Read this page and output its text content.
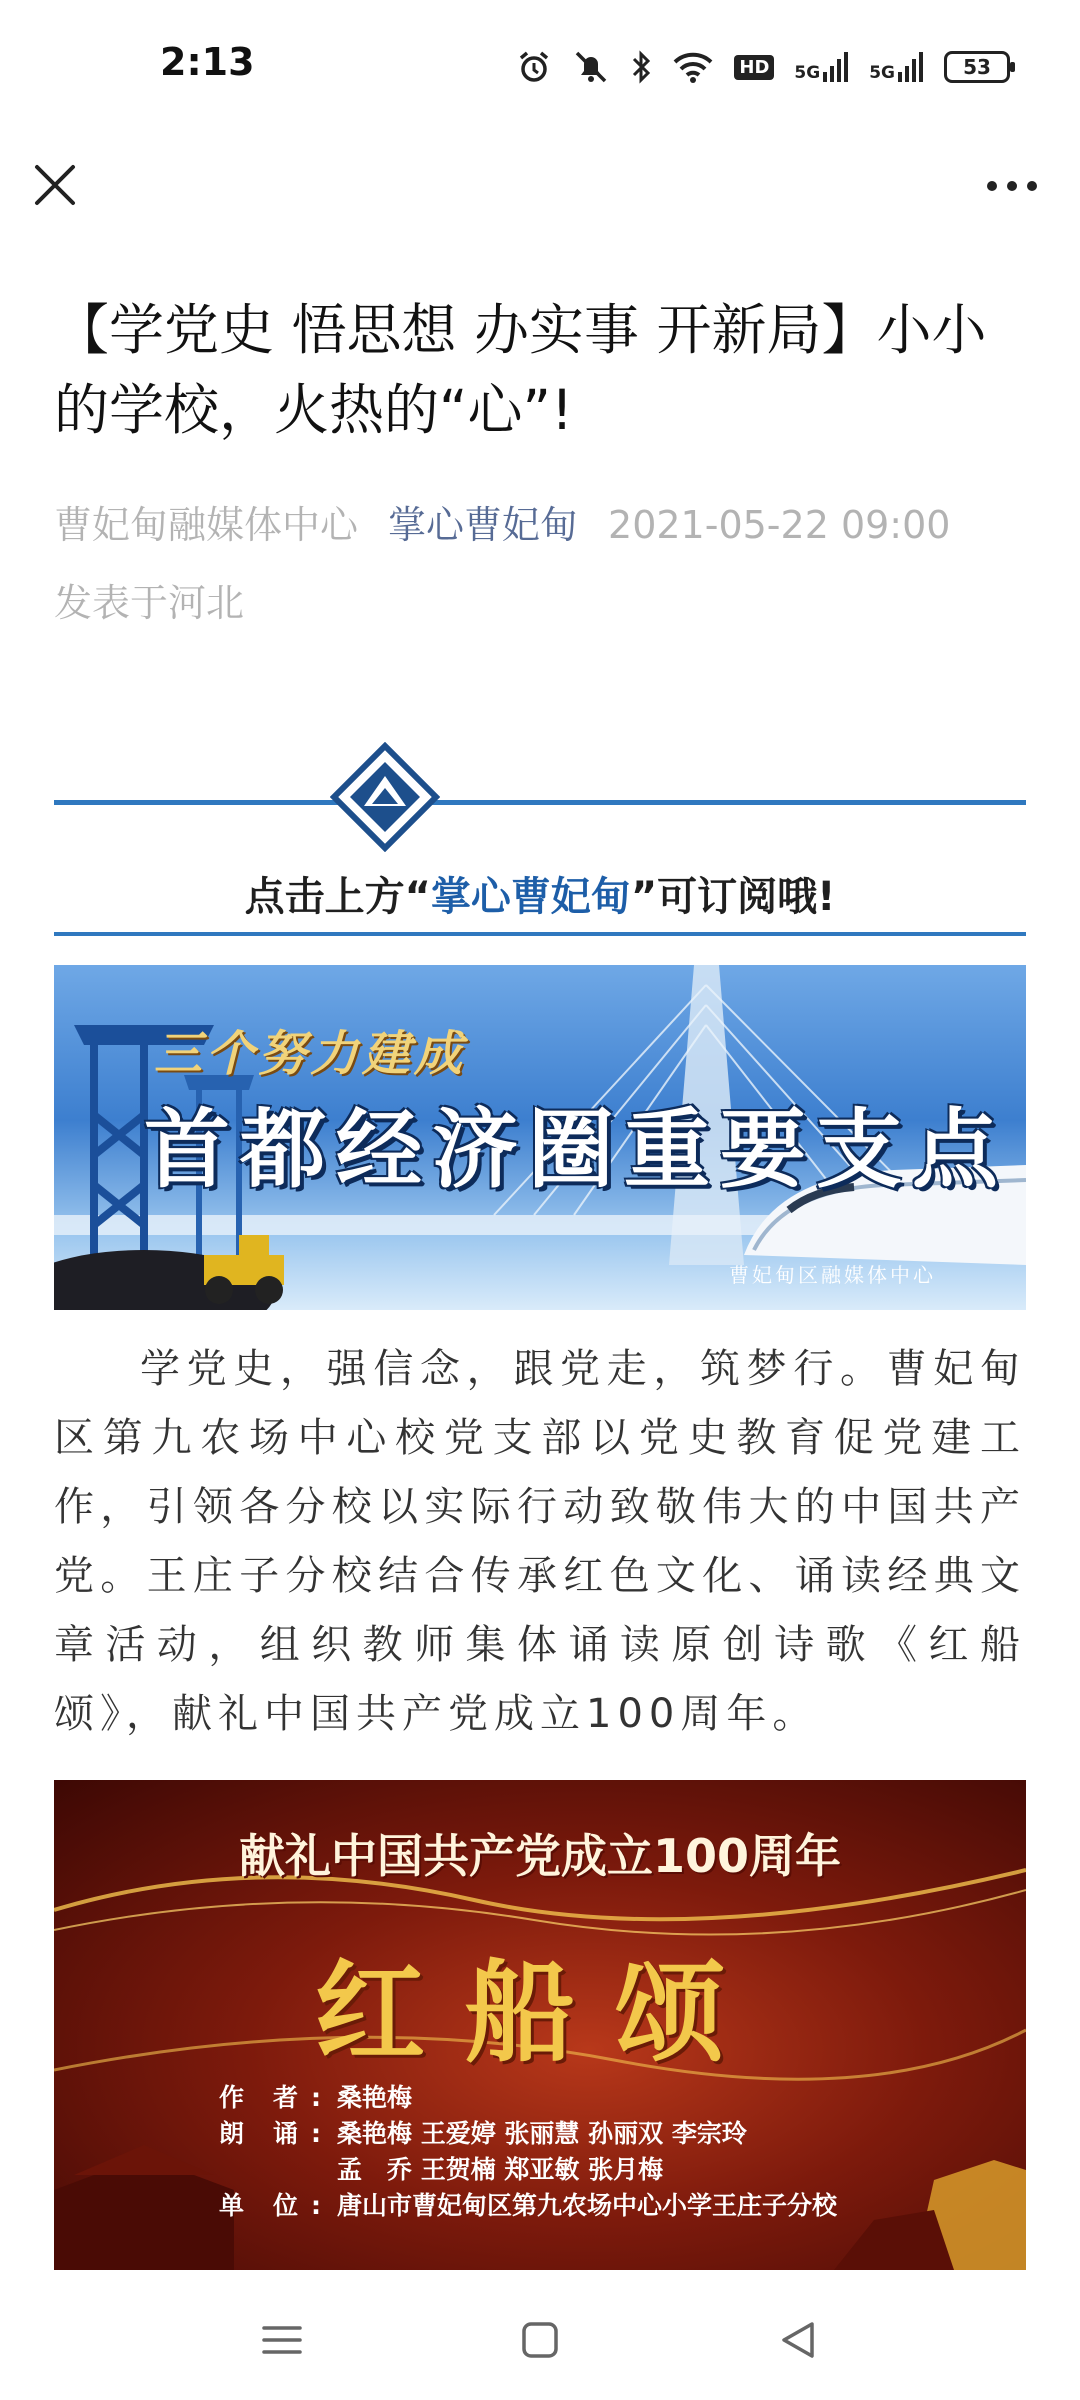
2:13	HD 5G	5G	53
【学党史 悟思想 办实事 开新局】小小的学校，火热的“心”!
曹妃甸融媒体中心 掌心曹妃甸 2021-05-22 09:00
发表于河北
点击上方“掌心曹妃甸”可订阅哦!
三个努力建成
首都经济圈重要支点
曹妃甸区融媒体中心

学党史，强信念，跟党走，筑梦行。曹妃甸区第九农场中心校党支部以党史教育促党建工作，引领各分校以实际行动致敬伟大的中国共产党。王庄子分校结合传承红色文化、诵读经典文章活动，组织教师集体诵读原创诗歌《红船颂》，献礼中国共产党成立100周年。

献礼中国共产党成立100周年
红船颂
作　者 : 桑艳梅
朗　诵 : 桑艳梅 王爱婷 张丽慧 孙丽双 李宗玲
孟　乔 王贺楠 郑亚敏 张月梅
单　位 : 唐山市曹妃甸区第九农场中心小学王庄子分校
